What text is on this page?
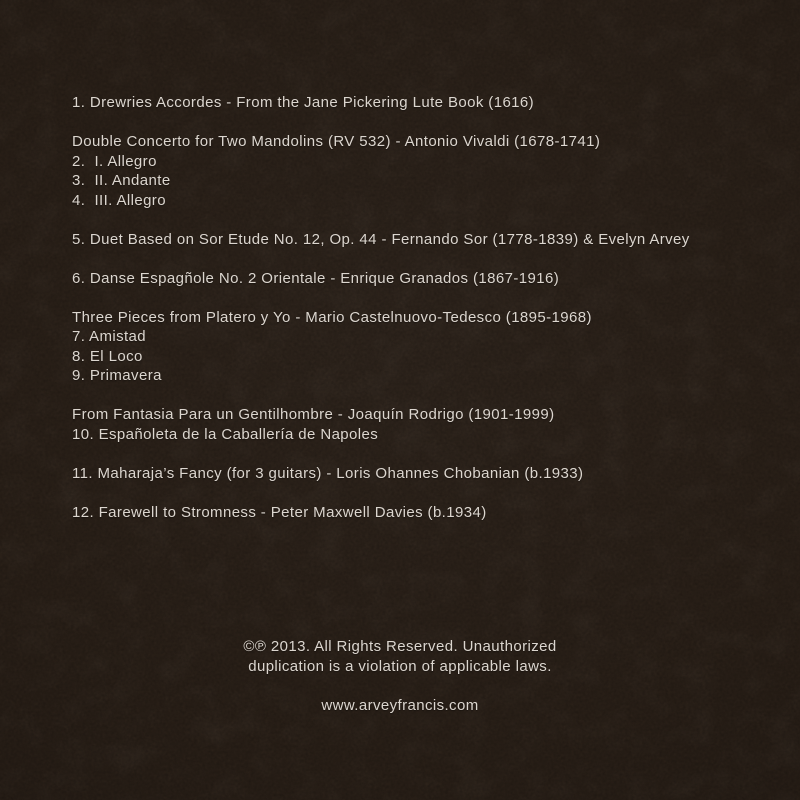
1. Drewries Accordes - From the Jane Pickering Lute Book (1616)

Double Concerto for Two Mandolins (RV 532) - Antonio Vivaldi (1678-1741)
2.  I. Allegro
3.  II. Andante
4.  III. Allegro

5. Duet Based on Sor Etude No. 12, Op. 44 - Fernando Sor (1778-1839) & Evelyn Arvey

6. Danse Espagñole No. 2 Orientale - Enrique Granados (1867-1916)

Three Pieces from Platero y Yo - Mario Castelnuovo-Tedesco (1895-1968)
7. Amistad
8. El Loco
9. Primavera

From Fantasia Para un Gentilhombre - Joaquín Rodrigo (1901-1999)
10. Españoleta de la Caballería de Napoles

11. Maharaja’s Fancy (for 3 guitars) - Loris Ohannes Chobanian (b.1933)

12. Farewell to Stromness - Peter Maxwell Davies (b.1934)
©℗ 2013. All Rights Reserved. Unauthorized
duplication is a violation of applicable laws.

www.arveyfrancis.com
